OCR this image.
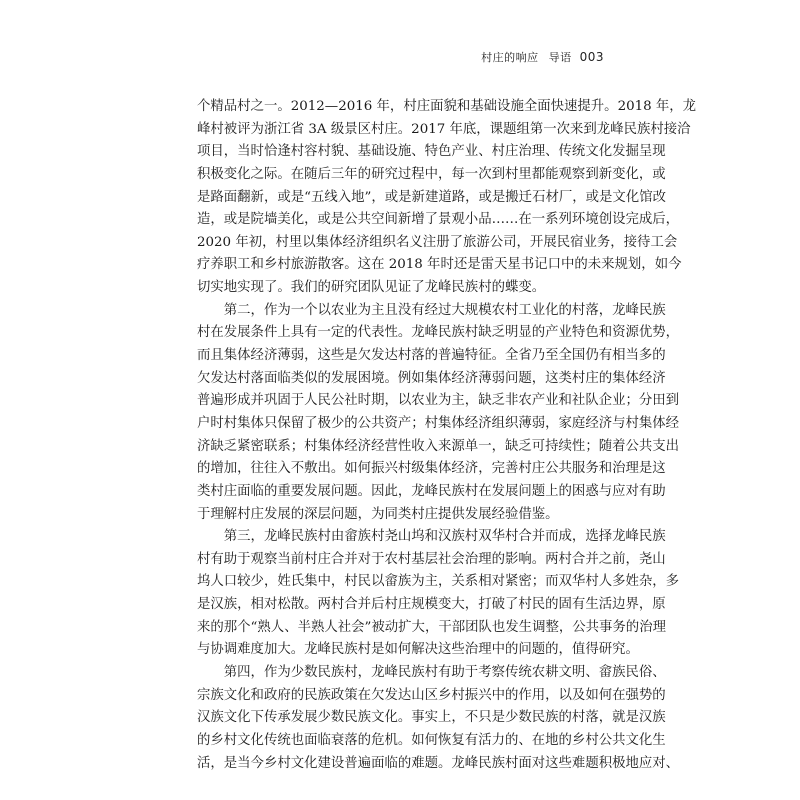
村庄的响应 导语 003
个精品村之一。2012—2016 年，村庄面貌和基础设施全面快速提升。2018 年，龙
峰村被评为浙江省 3A 级景区村庄。2017 年底，课题组第一次来到龙峰民族村接洽
项目，当时恰逢村容村貌、基础设施、特色产业、村庄治理、传统文化发掘呈现
积极变化之际。在随后三年的研究过程中，每一次到村里都能观察到新变化，或
是路面翻新，或是“五线入地”，或是新建道路，或是搬迁石材厂，或是文化馆改
造，或是院墙美化，或是公共空间新增了景观小品……在一系列环境创设完成后，
2020 年初，村里以集体经济组织名义注册了旅游公司，开展民宿业务，接待工会
疗养职工和乡村旅游散客。这在 2018 年时还是雷天星书记口中的未来规划，如今
切实地实现了。我们的研究团队见证了龙峰民族村的蝶变。
　　第二，作为一个以农业为主且没有经过大规模农村工业化的村落，龙峰民族
村在发展条件上具有一定的代表性。龙峰民族村缺乏明显的产业特色和资源优势，
而且集体经济薄弱，这些是欠发达村落的普遍特征。全省乃至全国仍有相当多的
欠发达村落面临类似的发展困境。例如集体经济薄弱问题，这类村庄的集体经济
普遍形成并巩固于人民公社时期，以农业为主，缺乏非农产业和社队企业；分田到
户时村集体只保留了极少的公共资产；村集体经济组织薄弱，家庭经济与村集体经
济缺乏紧密联系；村集体经济经营性收入来源单一，缺乏可持续性；随着公共支出
的增加，往往入不敷出。如何振兴村级集体经济，完善村庄公共服务和治理是这
类村庄面临的重要发展问题。因此，龙峰民族村在发展问题上的困惑与应对有助
于理解村庄发展的深层问题，为同类村庄提供发展经验借鉴。
　　第三，龙峰民族村由畲族村尧山坞和汉族村双华村合并而成，选择龙峰民族
村有助于观察当前村庄合并对于农村基层社会治理的影响。两村合并之前，尧山
坞人口较少，姓氏集中，村民以畲族为主，关系相对紧密；而双华村人多姓杂，多
是汉族，相对松散。两村合并后村庄规模变大，打破了村民的固有生活边界，原
来的那个“熟人、半熟人社会”被动扩大，干部团队也发生调整，公共事务的治理
与协调难度加大。龙峰民族村是如何解决这些治理中的问题的，值得研究。
　　第四，作为少数民族村，龙峰民族村有助于考察传统农耕文明、畲族民俗、
宗族文化和政府的民族政策在欠发达山区乡村振兴中的作用，以及如何在强势的
汉族文化下传承发展少数民族文化。事实上，不只是少数民族的村落，就是汉族
的乡村文化传统也面临衰落的危机。如何恢复有活力的、在地的乡村公共文化生
活，是当今乡村文化建设普遍面临的难题。龙峰民族村面对这些难题积极地应对、
